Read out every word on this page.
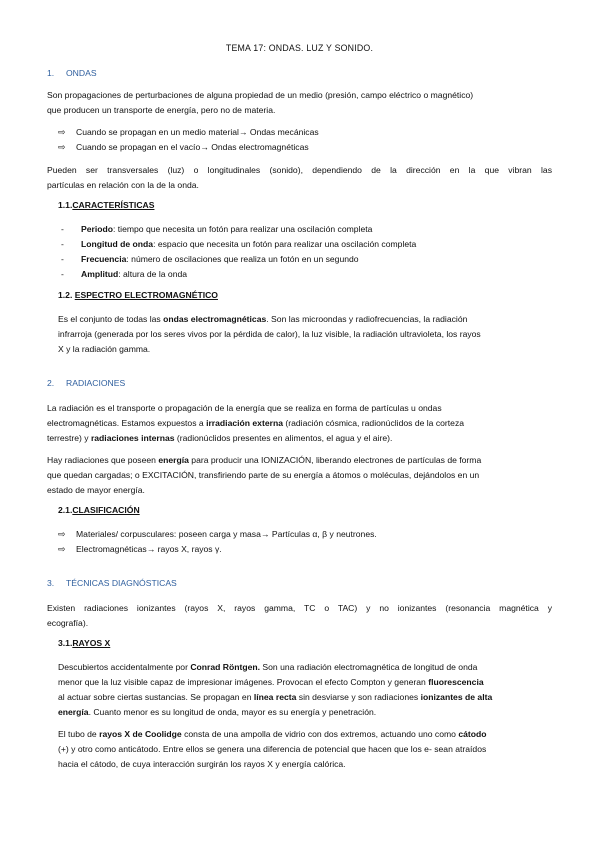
TEMA 17: ONDAS. LUZ Y SONIDO.
1. ONDAS

Son propagaciones de perturbaciones de alguna propiedad de un medio (presión, campo eléctrico o magnético)

que producen un transporte de energía, pero no de materia.

⇨ Cuando se propagan en un medio material→ Ondas mecánicas
⇨ Cuando se propagan en el vacío→ Ondas electromagnéticas

Pueden ser transversales (luz) o longitudinales (sonido), dependiendo de la dirección en la que vibran las

partículas en relación con la de la onda.

1.1.CARACTERÍSTICAS
- Periodo: tiempo que necesita un fotón para realizar una oscilación completa
- Longitud de onda: espacio que necesita un fotón para realizar una oscilación completa
- Frecuencia: número de oscilaciones que realiza un fotón en un segundo
- Amplitud: altura de la onda
1.2. ESPECTRO ELECTROMAGNÉTICO

Es el conjunto de todas las ondas electromagnéticas. Son las microondas y radiofrecuencias, la radiación

infrarroja (generada por los seres vivos por la pérdida de calor), la luz visible, la radiación ultravioleta, los rayos

X y la radiación gamma.

2. RADIACIONES

La radiación es el transporte o propagación de la energía que se realiza en forma de partículas u ondas

electromagnéticas. Estamos expuestos a irradiación externa (radiación cósmica, radionúclidos de la corteza

terrestre) y radiaciones internas (radionúclidos presentes en alimentos, el agua y el aire).

Hay radiaciones que poseen energía para producir una IONIZACIÓN, liberando electrones de partículas de forma

que quedan cargadas; o EXCITACIÓN, transfiriendo parte de su energía a átomos o moléculas, dejándolos en un

estado de mayor energía.

2.1.CLASIFICACIÓN
⇨ Materiales/ corpusculares: poseen carga y masa→ Partículas α, β y neutrones.
⇨ Electromagnéticas→ rayos X, rayos γ.
3. TÉCNICAS DIAGNÓSTICAS

Existen radiaciones ionizantes (rayos X, rayos gamma, TC o TAC) y no ionizantes (resonancia magnética y

ecografía).

3.1.RAYOS X

Descubiertos accidentalmente por Conrad Röntgen. Son una radiación electromagnética de longitud de onda

menor que la luz visible capaz de impresionar imágenes. Provocan el efecto Compton y generan fluorescencia

al actuar sobre ciertas sustancias. Se propagan en línea recta sin desviarse y son radiaciones ionizantes de alta

energía. Cuanto menor es su longitud de onda, mayor es su energía y penetración.

El tubo de rayos X de Coolidge consta de una ampolla de vidrio con dos extremos, actuando uno como cátodo

(+) y otro como anticátodo. Entre ellos se genera una diferencia de potencial que hacen que los e- sean atraídos

hacia el cátodo, de cuya interacción surgirán los rayos X y energía calórica.
